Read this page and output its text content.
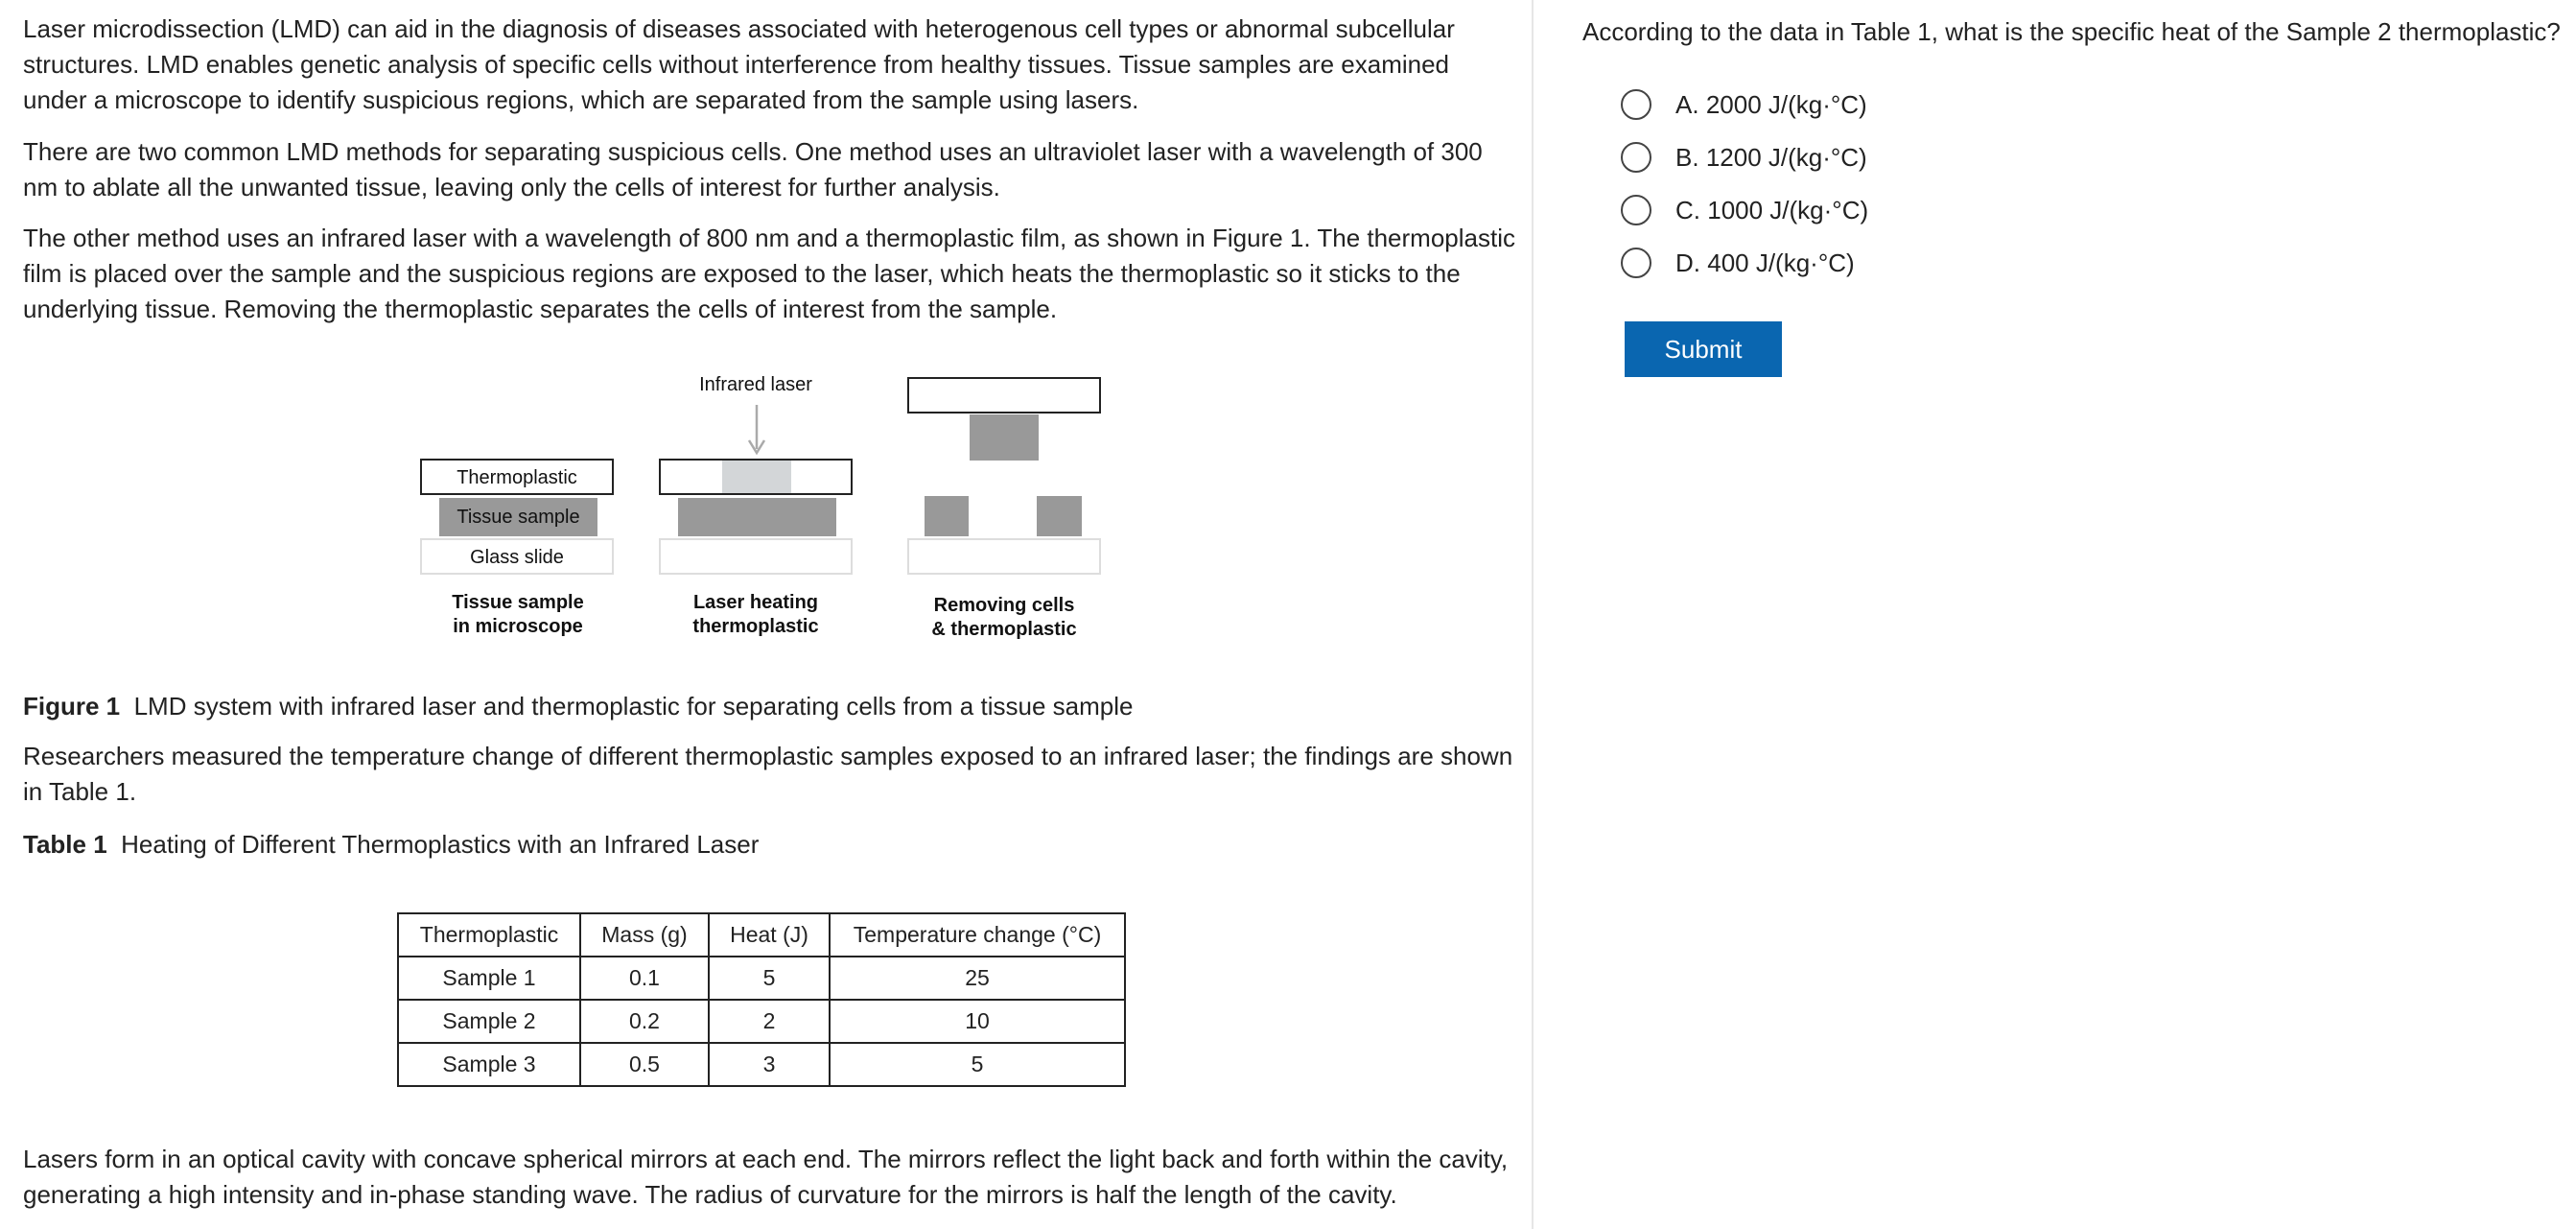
Laser microdissection (LMD) can aid in the diagnosis of diseases associated with heterogenous cell types or abnormal subcellular structures. LMD enables genetic analysis of specific cells without interference from healthy tissues. Tissue samples are examined under a microscope to identify suspicious regions, which are separated from the sample using lasers.

There are two common LMD methods for separating suspicious cells. One method uses an ultraviolet laser with a wavelength of 300 nm to ablate all the unwanted tissue, leaving only the cells of interest for further analysis.

The other method uses an infrared laser with a wavelength of 800 nm and a thermoplastic film, as shown in Figure 1. The thermoplastic film is placed over the sample and the suspicious regions are exposed to the laser, which heats the thermoplastic so it sticks to the underlying tissue. Removing the thermoplastic separates the cells of interest from the sample.

Thermoplastic
Tissue sample
Glass slide
Infrared laser
Tissue sample
in microscope
Laser heating
thermoplastic
Removing cells
& thermoplastic

Figure 1 LMD system with infrared laser and thermoplastic for separating cells from a tissue sample

Researchers measured the temperature change of different thermoplastic samples exposed to an infrared laser; the findings are shown in Table 1.

Table 1 Heating of Different Thermoplastics with an Infrared Laser

Thermoplastic	Mass (g)	Heat (J)	Temperature change (°C)
Sample 1	0.1	5	25
Sample 2	0.2	2	10
Sample 3	0.5	3	5

Lasers form in an optical cavity with concave spherical mirrors at each end. The mirrors reflect the light back and forth within the cavity, generating a high intensity and in-phase standing wave. The radius of curvature for the mirrors is half the length of the cavity.

According to the data in Table 1, what is the specific heat of the Sample 2 thermoplastic?

A. 2000 J/(kg·°C)
B. 1200 J/(kg·°C)
C. 1000 J/(kg·°C)
D. 400 J/(kg·°C)
Submit
